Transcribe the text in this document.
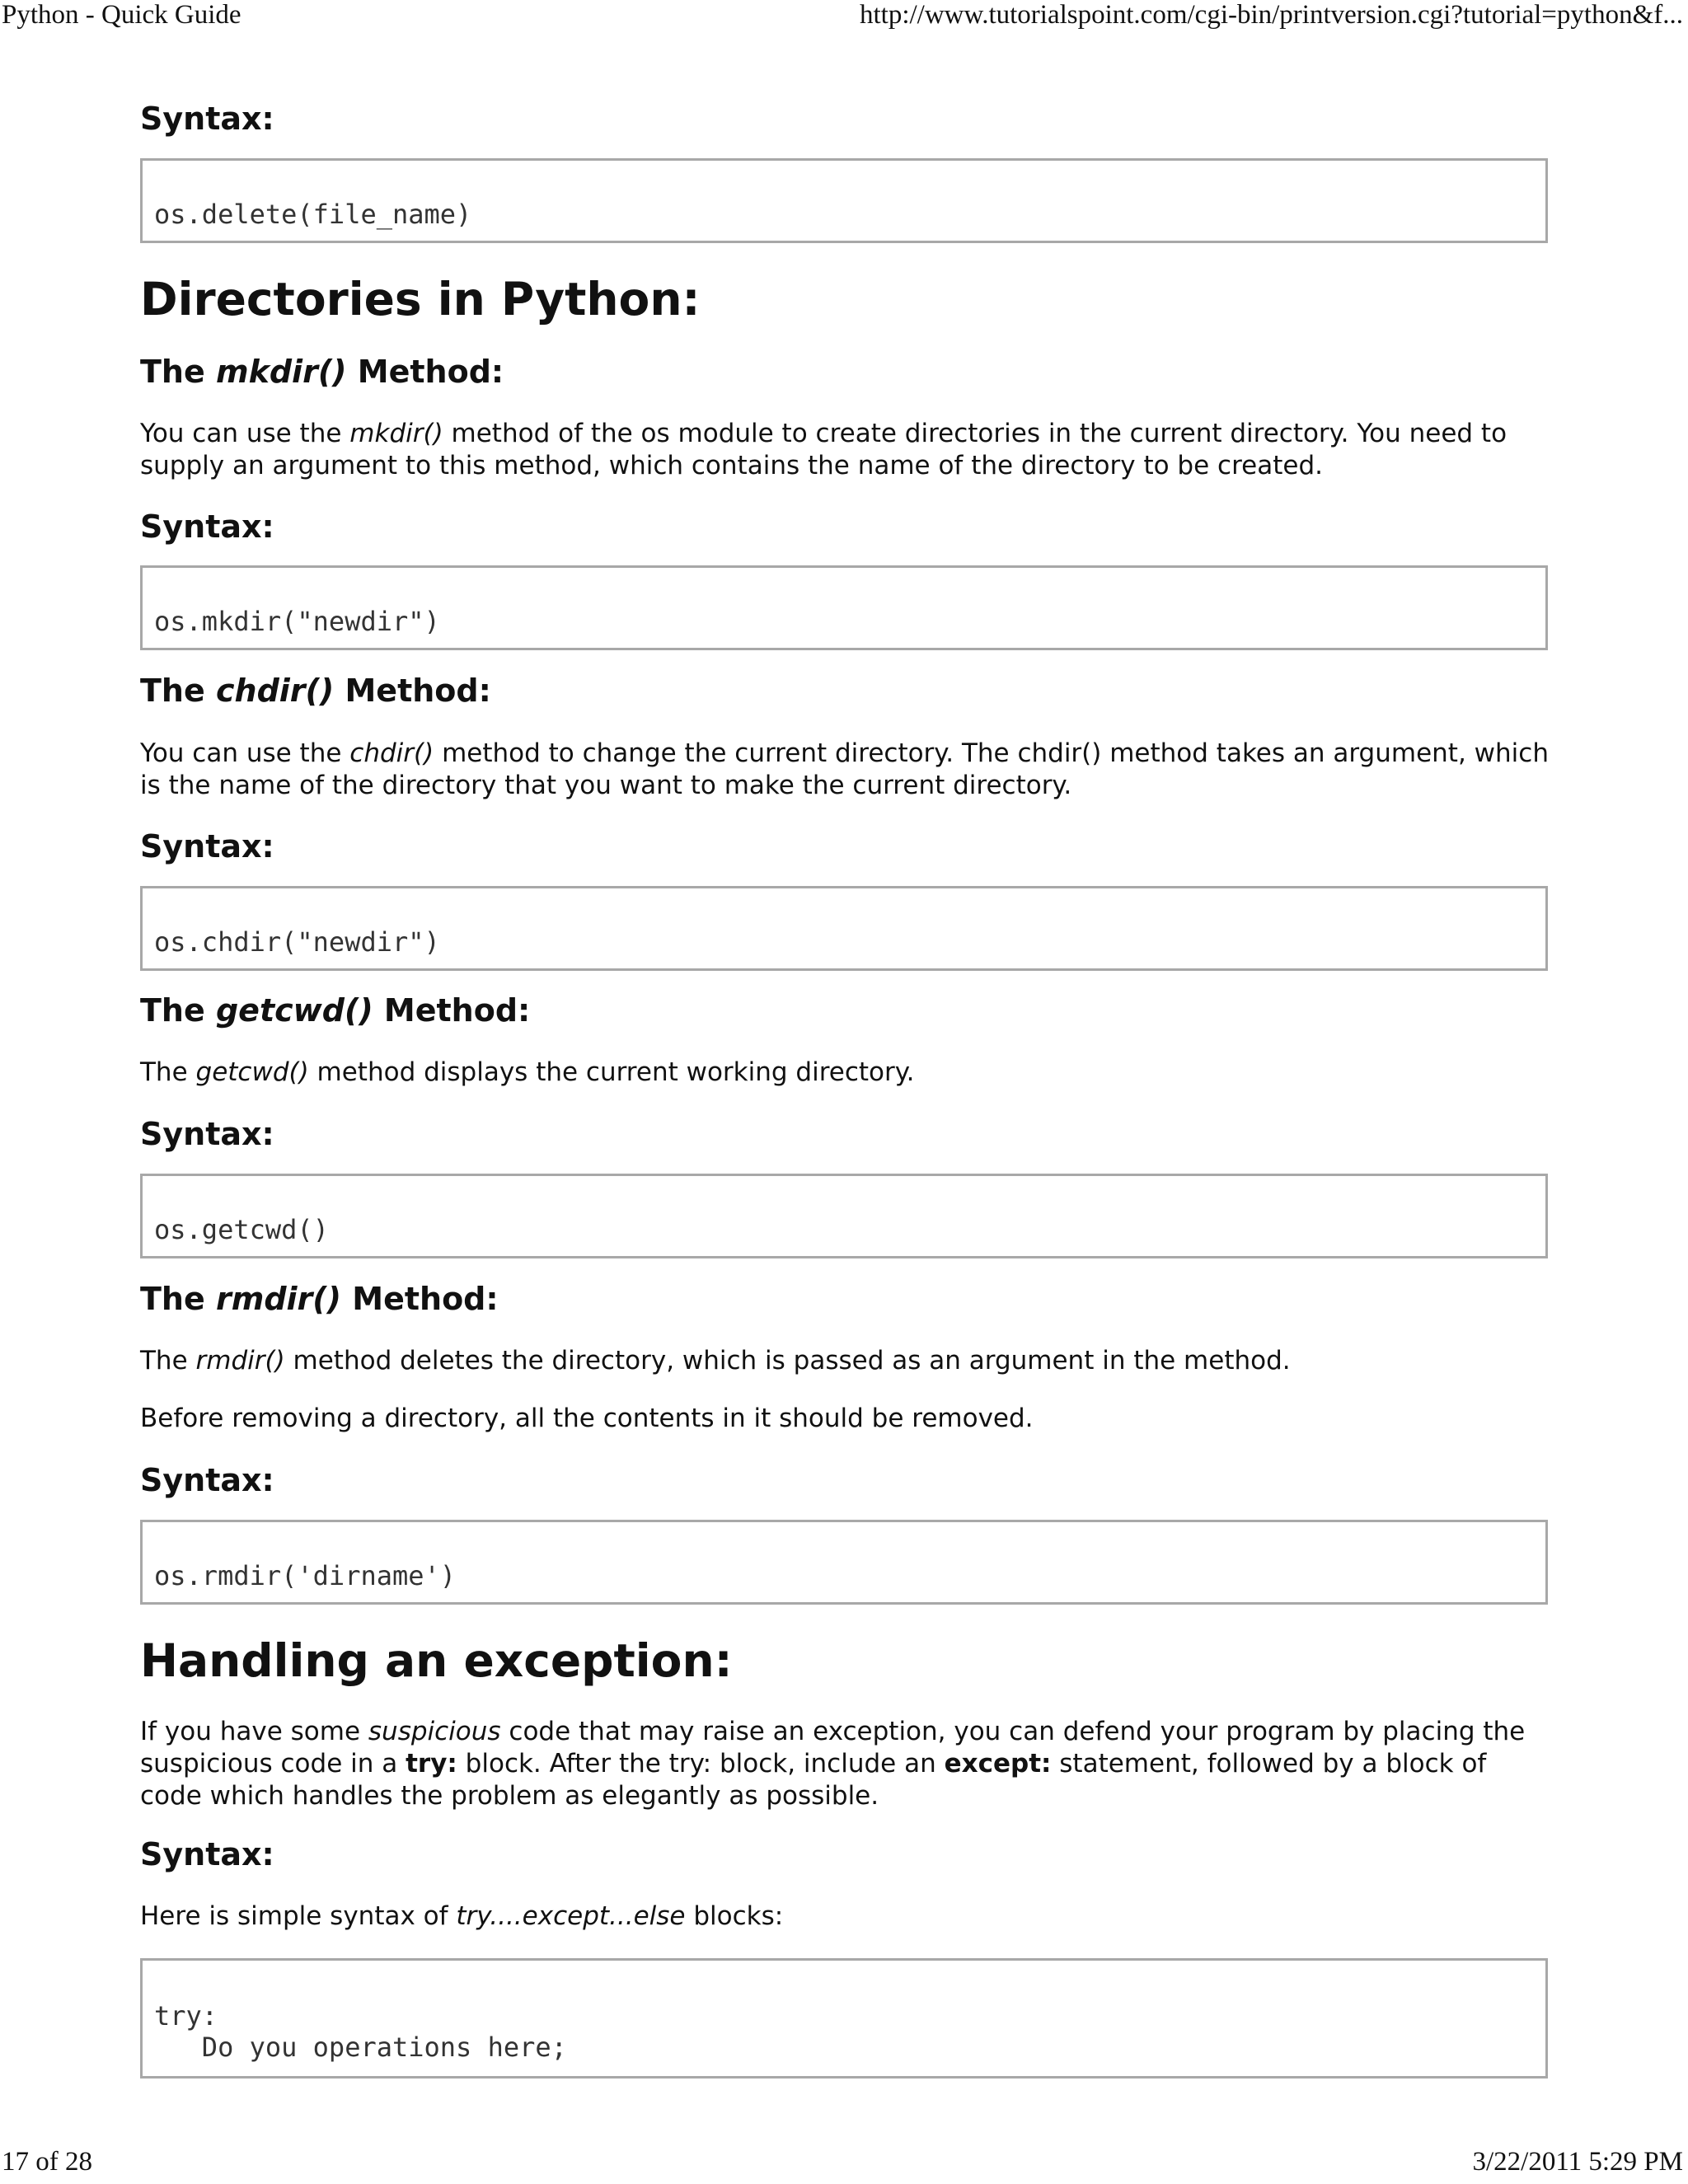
Python - Quick Guide	http://www.tutorialspoint.com/cgi-bin/printversion.cgi?tutorial=python&f...
Syntax:
os.delete(file_name)
Directories in Python:
The mkdir() Method:
You can use the mkdir() method of the os module to create directories in the current directory. You need to supply an argument to this method, which contains the name of the directory to be created.
Syntax:
os.mkdir("newdir")
The chdir() Method:
You can use the chdir() method to change the current directory. The chdir() method takes an argument, which is the name of the directory that you want to make the current directory.
Syntax:
os.chdir("newdir")
The getcwd() Method:
The getcwd() method displays the current working directory.
Syntax:
os.getcwd()
The rmdir() Method:
The rmdir() method deletes the directory, which is passed as an argument in the method.
Before removing a directory, all the contents in it should be removed.
Syntax:
os.rmdir('dirname')
Handling an exception:
If you have some suspicious code that may raise an exception, you can defend your program by placing the suspicious code in a try: block. After the try: block, include an except: statement, followed by a block of code which handles the problem as elegantly as possible.
Syntax:
Here is simple syntax of try....except...else blocks:
try:
Do you operations here;
17 of 28	3/22/2011 5:29 PM
